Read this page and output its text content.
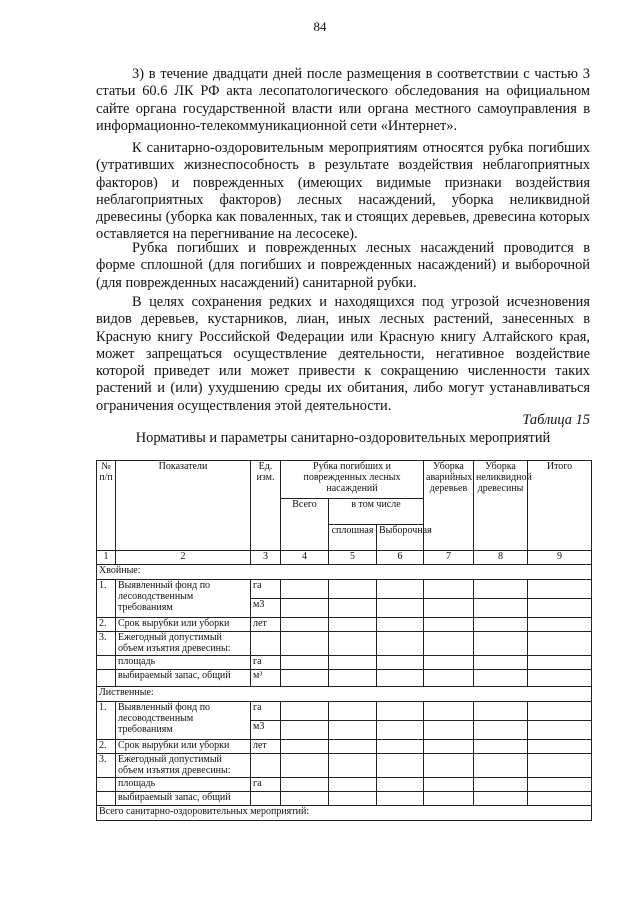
84

3) в течение двадцати дней после размещения в соответствии с частью 3 статьи 60.6 ЛК РФ акта лесопатологического обследования на официальном сайте органа государственной власти или органа местного самоуправления в информационно-телекоммуникационной сети «Интернет».

К санитарно-оздоровительным мероприятиям относятся рубка погибших (утративших жизнеспособность в результате воздействия неблагоприятных факторов) и поврежденных (имеющих видимые признаки воздействия неблагоприятных факторов) лесных насаждений, уборка неликвидной древесины (уборка как поваленных, так и стоящих деревьев, древесина которых оставляется на перегнивание на лесосеке).

Рубка погибших и поврежденных лесных насаждений проводится в форме сплошной (для погибших и поврежденных насаждений) и выборочной (для поврежденных насаждений) санитарной рубки.

В целях сохранения редких и находящихся под угрозой исчезновения видов деревьев, кустарников, лиан, иных лесных растений, занесенных в Красную книгу Российской Федерации или Красную книгу Алтайского края, может запрещаться осуществление деятельности, негативное воздействие которой приведет или может привести к сокращению численности таких растений и (или) ухудшению среды их обитания, либо могут устанавливаться ограничения осуществления этой деятельности.

Таблица 15
Нормативы и параметры санитарно-оздоровительных мероприятий
№ п/п	Показатели	Ед. изм.	Рубка погибших и поврежденных лесных насаждений			Уборка аварийных деревьев	Уборка неликвидной древесины	Итого
			Всего	в том числе				
				сплошная	Выборочная			
1	2	3	4	5	6	7	8	9
Хвойные:								
1.	Выявленный фонд по лесоводственным требованиям	га						
		м3						
2.	Срок вырубки или уборки	лет						
3.	Ежегодный допустимый объем изъятия древесины:							
	площадь	га						
	выбираемый запас, общий	м³						
Лиственные:								
1.	Выявленный фонд по лесоводственным требованиям	га						
		м3						
2.	Срок вырубки или уборки	лет						
3.	Ежегодный допустимый объем изъятия древесины:							
	площадь	га						
	выбираемый запас, общий							
Всего санитарно-оздоровительных мероприятий:								
